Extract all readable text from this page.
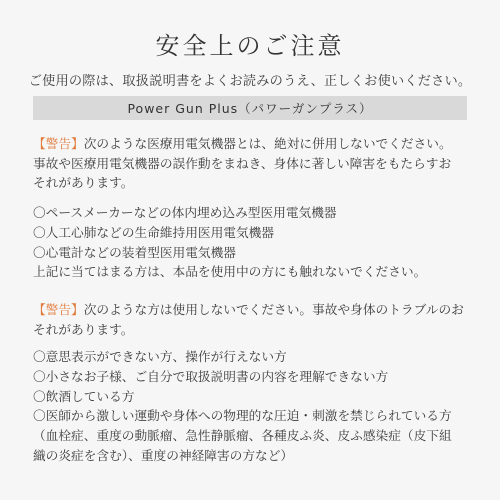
安全上のご注意
ご使用の際は、取扱説明書をよくお読みのうえ、正しくお使いください。
Power Gun Plus（パワーガンプラス）
【警告】次のような医療用電気機器とは、絶対に併用しないでください。
事故や医療用電気機器の誤作動をまねき、身体に著しい障害をもたらすお
それがあります。
〇ペースメーカーなどの体内埋め込み型医用電気機器
〇人工心肺などの生命維持用医用電気機器
〇心電計などの装着型医用電気機器
上記に当てはまる方は、本品を使用中の方にも触れないでください。
【警告】次のような方は使用しないでください。事故や身体のトラブルのお
それがあります。
〇意思表示ができない方、操作が行えない方
〇小さなお子様、ご自分で取扱説明書の内容を理解できない方
〇飲酒している方
〇医師から激しい運動や身体への物理的な圧迫・刺激を禁じられている方
（血栓症、重度の動脈瘤、急性静脈瘤、各種皮ふ炎、皮ふ感染症（皮下組
織の炎症を含む）、重度の神経障害の方など）
